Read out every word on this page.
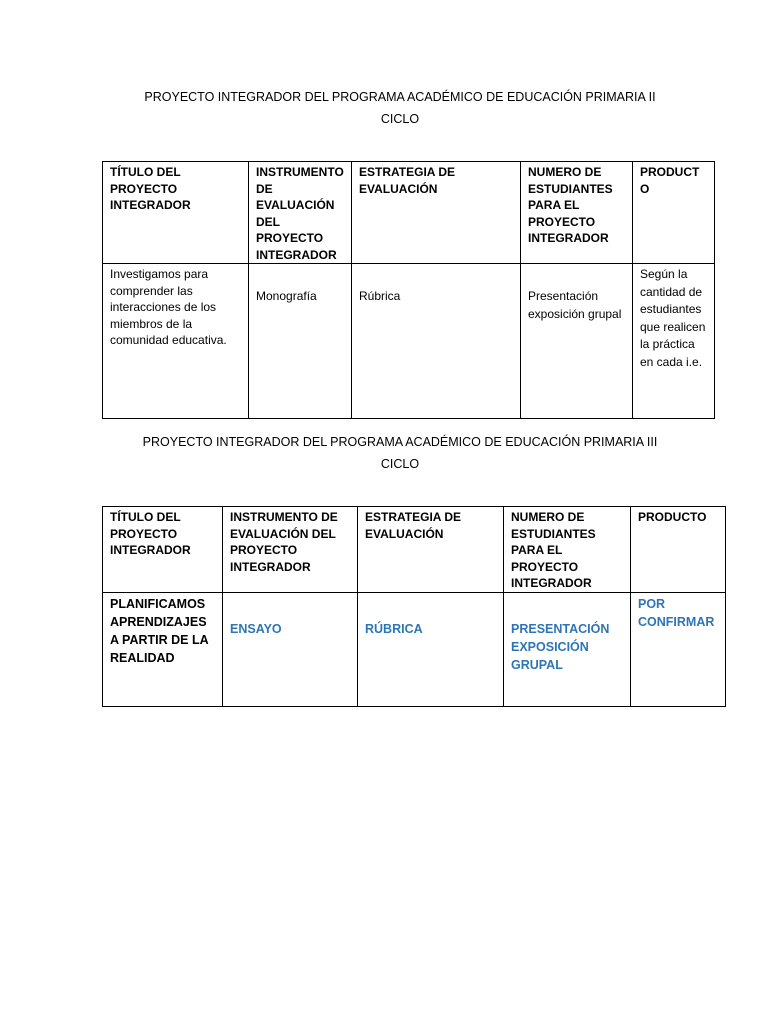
PROYECTO INTEGRADOR DEL PROGRAMA ACADÉMICO DE EDUCACIÓN PRIMARIA II
CICLO
TÍTULO DEL PROYECTO INTEGRADOR	INSTRUMENTO DE EVALUACIÓN DEL PROYECTO INTEGRADOR	ESTRATEGIA DE EVALUACIÓN	NUMERO DE ESTUDIANTES PARA EL PROYECTO INTEGRADOR	PRODUCTO
Investigamos para comprender las interacciones de los miembros de la comunidad educativa.	Monografía	Rúbrica	Presentación exposición grupal	Según la cantidad de estudiantes que realicen la práctica en cada i.e.
PROYECTO INTEGRADOR DEL PROGRAMA ACADÉMICO DE EDUCACIÓN PRIMARIA III
CICLO
TÍTULO DEL PROYECTO INTEGRADOR	INSTRUMENTO DE EVALUACIÓN DEL PROYECTO INTEGRADOR	ESTRATEGIA DE EVALUACIÓN	NUMERO DE ESTUDIANTES PARA EL PROYECTO INTEGRADOR	PRODUCTO
PLANIFICAMOS APRENDIZAJES A PARTIR DE LA REALIDAD	ENSAYO	RÚBRICA	PRESENTACIÓN EXPOSICIÓN GRUPAL	POR CONFIRMAR
